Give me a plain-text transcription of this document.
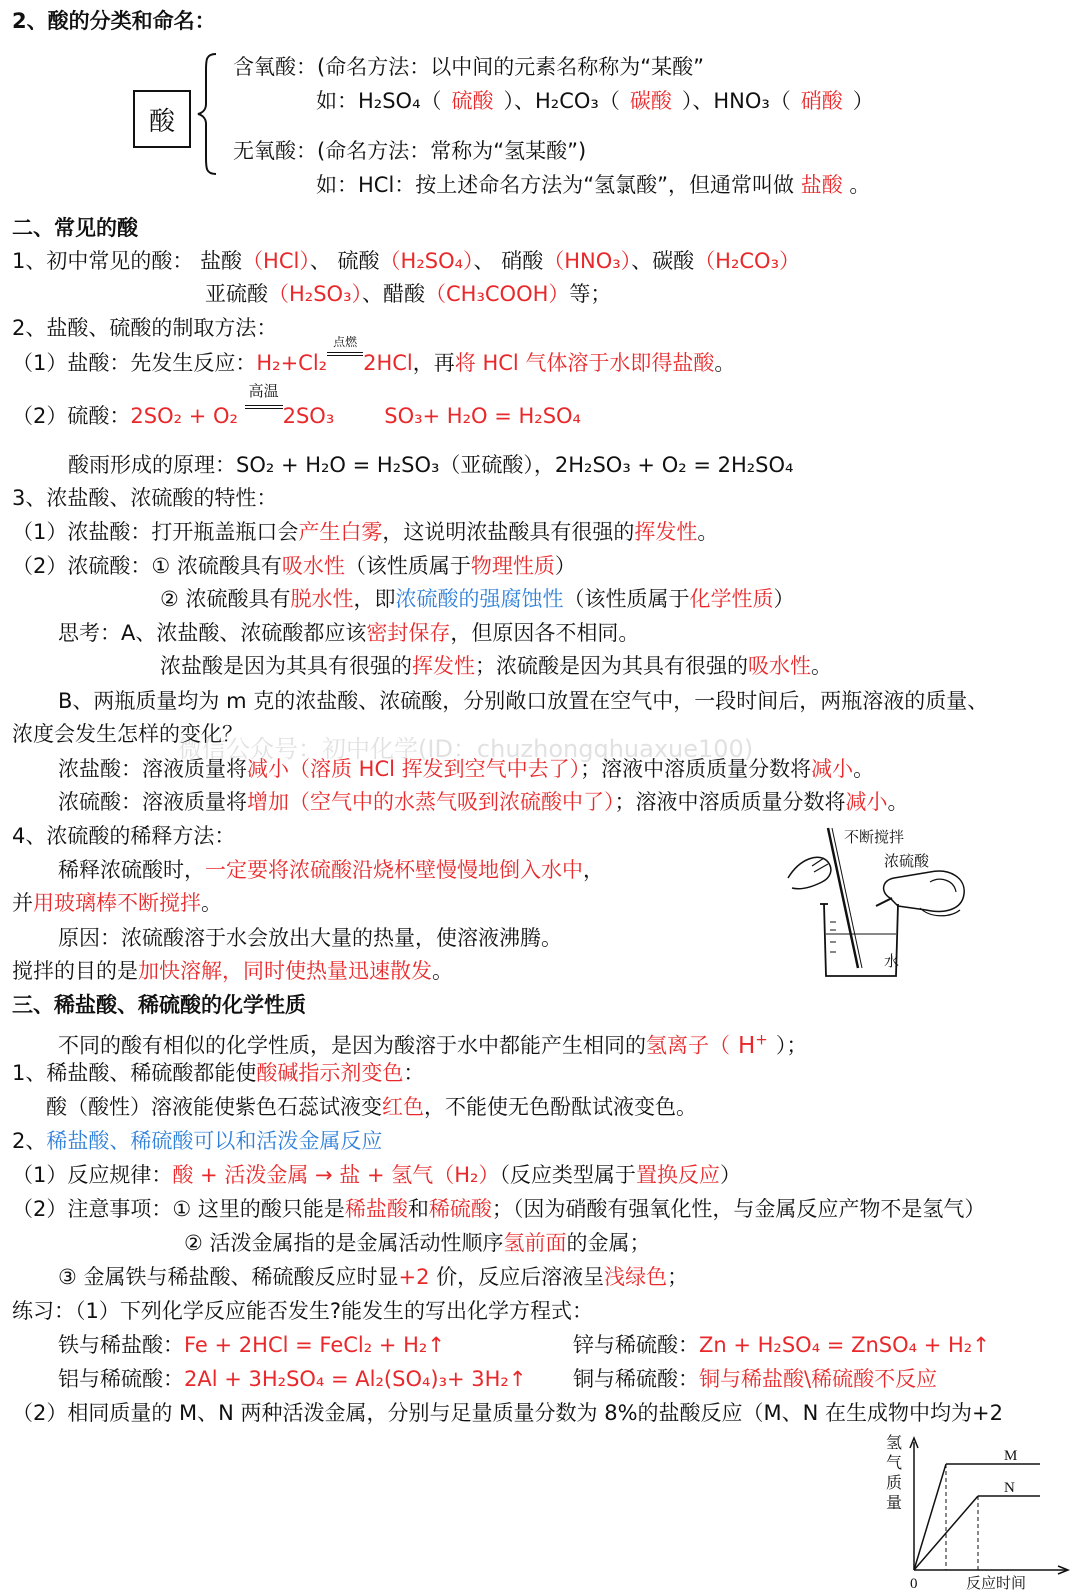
2、酸的分类和命名：
酸
含氧酸：(命名方法：以中间的元素名称称为“某酸”
如：H₂SO₄（ 硫酸 ）、H₂CO₃（ 碳酸 ）、HNO₃（ 硝酸 ）
无氧酸：(命名方法：常称为“氢某酸”)
如：HCl：按上述命名方法为“氢氯酸”，但通常叫做 盐酸 。
二、常见的酸
1、初中常见的酸： 盐酸（HCl）、 硫酸（H₂SO₄）、 硝酸（HNO₃）、碳酸（H₂CO₃）
亚硫酸（H₂SO₃）、醋酸（CH₃COOH）等；
2、盐酸、硫酸的制取方法：
（1）盐酸：先发生反应：H₂+Cl₂
点燃
2HCl，再将 HCl 气体溶于水即得盐酸。
（2）硫酸：2SO₂ + O₂
高温
2SO₃ SO₃+ H₂O = H₂SO₄
酸雨形成的原理：SO₂ + H₂O = H₂SO₃（亚硫酸），2H₂SO₃ + O₂ = 2H₂SO₄
3、浓盐酸、浓硫酸的特性：
（1）浓盐酸：打开瓶盖瓶口会产生白雾，这说明浓盐酸具有很强的挥发性。
（2）浓硫酸：① 浓硫酸具有吸水性（该性质属于物理性质）
② 浓硫酸具有脱水性，即浓硫酸的强腐蚀性（该性质属于化学性质）
思考：A、浓盐酸、浓硫酸都应该密封保存，但原因各不相同。
浓盐酸是因为其具有很强的挥发性；浓硫酸是因为其具有很强的吸水性。
B、两瓶质量均为 m 克的浓盐酸、浓硫酸，分别敞口放置在空气中，一段时间后，两瓶溶液的质量、
浓度会发生怎样的变化？
微信公众号：初中化学(ID：chuzhongqhuaxue100)
浓盐酸：溶液质量将减小（溶质 HCl 挥发到空气中去了）；溶液中溶质质量分数将减小。
浓硫酸：溶液质量将增加（空气中的水蒸气吸到浓硫酸中了）；溶液中溶质质量分数将减小。
4、浓硫酸的稀释方法：
稀释浓硫酸时，一定要将浓硫酸沿烧杯壁慢慢地倒入水中，
并用玻璃棒不断搅拌。
原因：浓硫酸溶于水会放出大量的热量，使溶液沸腾。
搅拌的目的是加快溶解，同时使热量迅速散发。
不断搅拌
浓硫酸
水
三、稀盐酸、稀硫酸的化学性质
不同的酸有相似的化学性质，是因为酸溶于水中都能产生相同的氢离子（ H+ ）；
1、稀盐酸、稀硫酸都能使酸碱指示剂变色：
酸（酸性）溶液能使紫色石蕊试液变红色，不能使无色酚酞试液变色。
2、稀盐酸、稀硫酸可以和活泼金属反应
（1）反应规律：酸 + 活泼金属 → 盐 + 氢气（H₂）（反应类型属于置换反应）
（2）注意事项：① 这里的酸只能是稀盐酸和稀硫酸；（因为硝酸有强氧化性，与金属反应产物不是氢气）
② 活泼金属指的是金属活动性顺序氢前面的金属；
③ 金属铁与稀盐酸、稀硫酸反应时显+2 价，反应后溶液呈浅绿色；
练习：（1）下列化学反应能否发生?能发生的写出化学方程式：
铁与稀盐酸：Fe + 2HCl = FeCl₂ + H₂↑	锌与稀硫酸：Zn + H₂SO₄ = ZnSO₄ + H₂↑
铝与稀硫酸：2Al + 3H₂SO₄ = Al₂(SO₄)₃+ 3H₂↑ 铜与稀硫酸：铜与稀盐酸\稀硫酸不反应
（2）相同质量的 M、N 两种活泼金属，分别与足量质量分数为 8%的盐酸反应（M、N 在生成物中均为+2
氢
气
质
量
M
N
0	反应时间
